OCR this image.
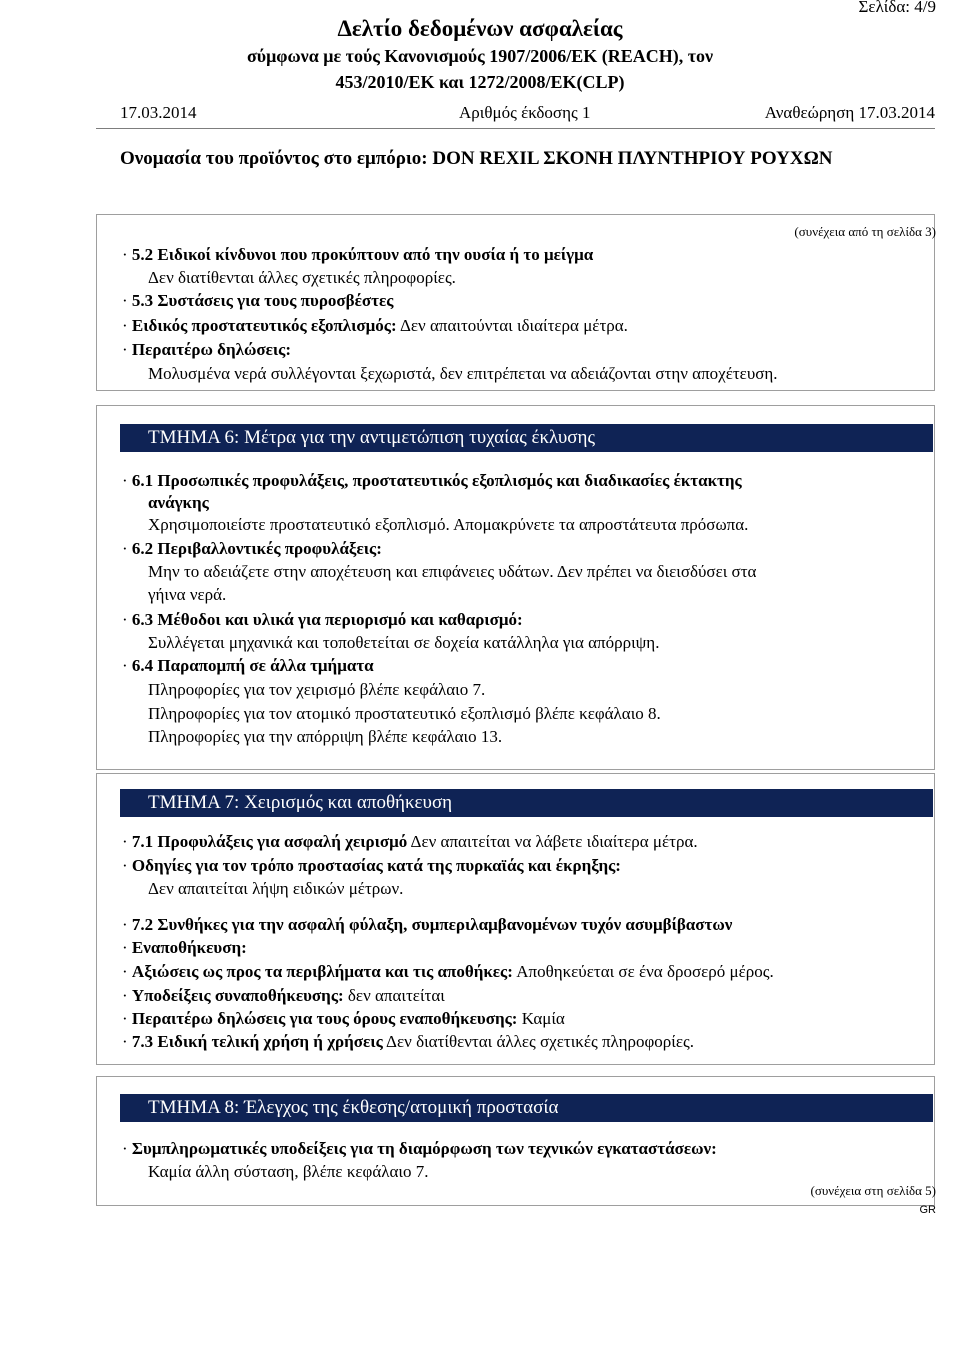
Σελίδα: 4/9
Δελτίο δεδομένων ασφαλείας
σύμφωνα με τούς Κανονισμούς 1907/2006/ΕΚ (REACH), τον
453/2010/ΕΚ και 1272/2008/ΕΚ(CLP)
17.03.2014	Αριθμός έκδοσης 1	Αναθεώρηση 17.03.2014
Ονομασία του προϊόντος στο εμπόριο: DON REXIL ΣΚΟΝΗ ΠΛΥΝΤΗΡΙΟΥ ΡΟΥΧΩΝ
(συνέχεια από τη σελίδα 3)
· 5.2 Ειδικοί κίνδυνοι που προκύπτουν από την ουσία ή το μείγμα
Δεν διατίθενται άλλες σχετικές πληροφορίες.
· 5.3 Συστάσεις για τους πυροσβέστες
· Ειδικός προστατευτικός εξοπλισμός: Δεν απαιτούνται ιδιαίτερα μέτρα.
· Περαιτέρω δηλώσεις:
Μολυσμένα νερά συλλέγονται ξεχωριστά, δεν επιτρέπεται να αδειάζονται στην αποχέτευση.
ΤΜΗΜΑ 6: Μέτρα για την αντιμετώπιση τυχαίας έκλυσης
· 6.1 Προσωπικές προφυλάξεις, προστατευτικός εξοπλισμός και διαδικασίες έκτακτης
ανάγκης
Χρησιμοποιείστε προστατευτικό εξοπλισμό. Απομακρύνετε τα απροστάτευτα πρόσωπα.
· 6.2 Περιβαλλοντικές προφυλάξεις:
Μην το αδειάζετε στην αποχέτευση και επιφάνειες υδάτων. Δεν πρέπει να διεισδύσει στα
γήινα νερά.
· 6.3 Μέθοδοι και υλικά για περιορισμό και καθαρισμό:
Συλλέγεται μηχανικά και τοποθετείται σε δοχεία κατάλληλα για απόρριψη.
· 6.4 Παραπομπή σε άλλα τμήματα
Πληροφορίες για τον χειρισμό βλέπε κεφάλαιο 7.
Πληροφορίες για τον ατομικό προστατευτικό εξοπλισμό βλέπε κεφάλαιο 8.
Πληροφορίες για την απόρριψη βλέπε κεφάλαιο 13.
ΤΜΗΜΑ 7: Χειρισμός και αποθήκευση
· 7.1 Προφυλάξεις για ασφαλή χειρισμό Δεν απαιτείται να λάβετε ιδιαίτερα μέτρα.
· Οδηγίες για τον τρόπο προστασίας κατά της πυρκαϊάς και έκρηξης:
Δεν απαιτείται λήψη ειδικών μέτρων.
· 7.2 Συνθήκες για την ασφαλή φύλαξη, συμπεριλαμβανομένων τυχόν ασυμβίβαστων
· Εναποθήκευση:
· Αξιώσεις ως προς τα περιβλήματα και τις αποθήκες: Αποθηκεύεται σε ένα δροσερό μέρος.
· Υποδείξεις συναποθήκευσης: δεν απαιτείται
· Περαιτέρω δηλώσεις για τους όρους εναποθήκευσης: Καμία
· 7.3 Ειδική τελική χρήση ή χρήσεις Δεν διατίθενται άλλες σχετικές πληροφορίες.
ΤΜΗΜΑ 8: Έλεγχος της έκθεσης/ατομική προστασία
· Συμπληρωματικές υποδείξεις για τη διαμόρφωση των τεχνικών εγκαταστάσεων:
Καμία άλλη σύσταση, βλέπε κεφάλαιο 7.
(συνέχεια στη σελίδα 5)
GR
